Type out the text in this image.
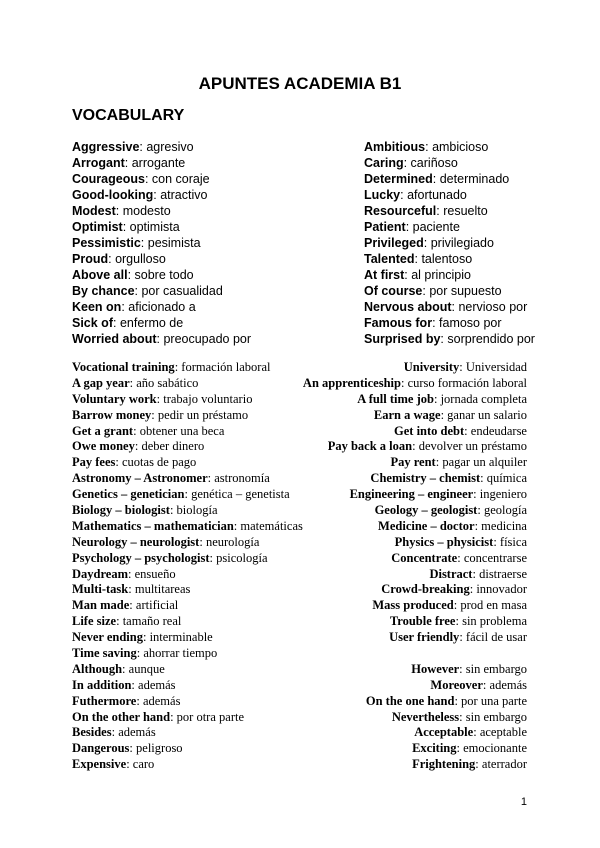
APUNTES ACADEMIA B1
VOCABULARY
Aggressive: agresivo	Ambitious: ambicioso
Arrogant: arrogante	Caring: cariñoso
Courageous: con coraje	Determined: determinado
Good-looking: atractivo	Lucky: afortunado
Modest: modesto	Resourceful: resuelto
Optimist: optimista	Patient: paciente
Pessimistic: pesimista	Privileged: privilegiado
Proud: orgulloso	Talented: talentoso
Above all: sobre todo	At first: al principio
By chance: por casualidad	Of course: por supuesto
Keen on: aficionado a	Nervous about: nervioso por
Sick of: enfermo de	Famous for: famoso por
Worried about: preocupado por	Surprised by: sorprendido por
Vocational training: formación laboral	University: Universidad
A gap year: año sabático	An apprenticeship: curso formación laboral
Voluntary work: trabajo voluntario	A full time job: jornada completa
Barrow money: pedir un préstamo	Earn a wage: ganar un salario
Get a grant: obtener una beca	Get into debt: endeudarse
Owe money: deber dinero	Pay back a loan: devolver un préstamo
Pay fees: cuotas de pago	Pay rent: pagar un alquiler
Astronomy – Astronomer: astronomía	Chemistry – chemist: química
Genetics – genetician: genética – genetista	Engineering – engineer: ingeniero
Biology – biologist: biología	Geology – geologist: geología
Mathematics – mathematician: matemáticas	Medicine – doctor: medicina
Neurology – neurologist: neurología	Physics – physicist: física
Psychology – psychologist: psicología	Concentrate: concentrarse
Daydream: ensueño	Distract: distraerse
Multi-task: multitareas	Crowd-breaking: innovador
Man made: artificial	Mass produced: prod en masa
Life size: tamaño real	Trouble free: sin problema
Never ending: interminable	User friendly: fácil de usar
Time saving: ahorrar tiempo
Although: aunque	However: sin embargo
In addition: además	Moreover: además
Futhermore: además	On the one hand: por una parte
On the other hand: por otra parte	Nevertheless: sin embargo
Besides: además	Acceptable: aceptable
Dangerous: peligroso	Exciting: emocionante
Expensive: caro	Frightening: aterrador
1
